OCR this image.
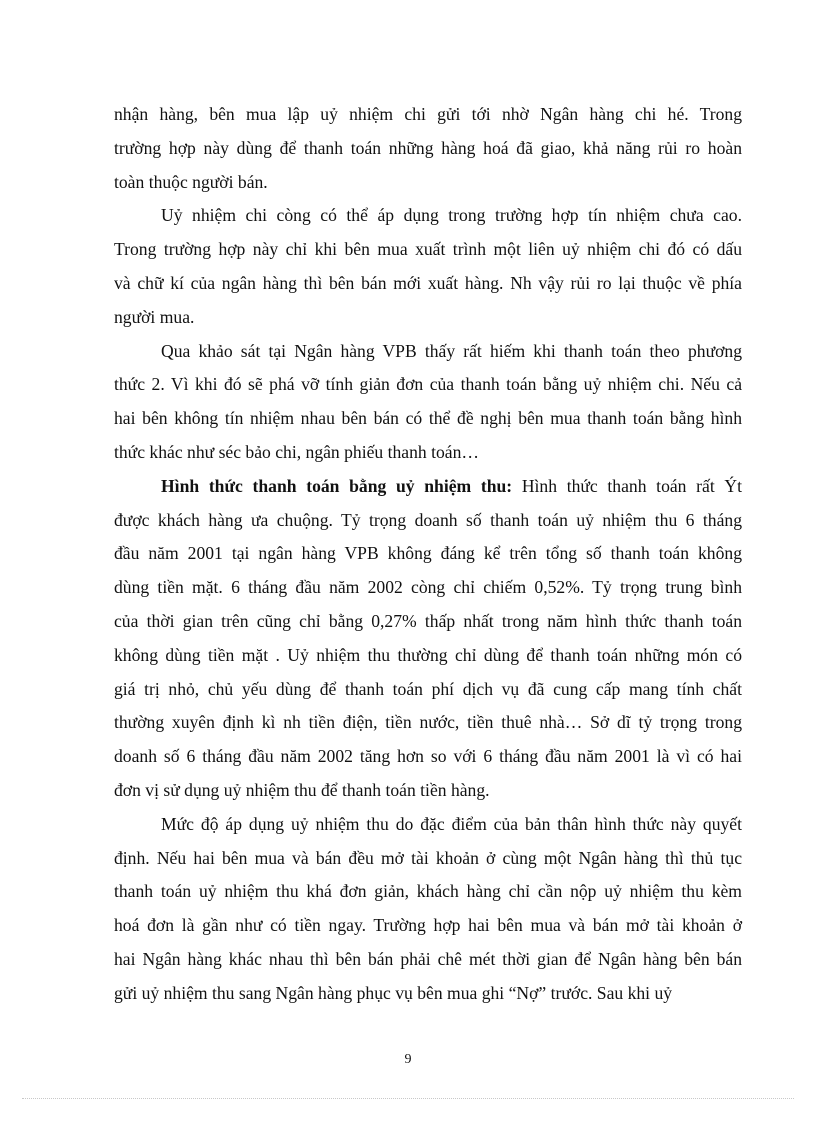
nhận hàng, bên mua lập uỷ nhiệm chi gửi tới nhờ Ngân hàng chi hé. Trong
trường hợp này dùng để thanh toán những hàng hoá đã giao, khả năng rủi ro hoàn
toàn thuộc người bán.
Uỷ nhiệm chi còng có thể áp dụng trong trường hợp tín nhiệm chưa cao.
Trong trường hợp này chỉ khi bên mua xuất trình một liên uỷ nhiệm chi đó có dấu
và chữ kí của ngân hàng thì bên bán mới xuất hàng. Nh vậy rủi ro lại thuộc về phía
người mua.
Qua khảo sát tại Ngân hàng VPB thấy rất hiếm khi thanh toán theo phương
thức 2. Vì khi đó sẽ phá vỡ tính giản đơn của thanh toán bằng uỷ nhiệm chi. Nếu cả
hai bên không tín nhiệm nhau bên bán có thể đề nghị bên mua thanh toán bằng hình
thức khác như séc bảo chi, ngân phiếu thanh toán…
Hình thức thanh toán bằng uỷ nhiệm thu: Hình thức thanh toán rất Ýt
được khách hàng ưa chuộng. Tỷ trọng doanh số thanh toán uỷ nhiệm thu 6 tháng
đầu năm 2001 tại ngân hàng VPB không đáng kể trên tổng số thanh toán không
dùng tiền mặt. 6 tháng đầu năm 2002 còng chỉ chiếm 0,52%. Tỷ trọng trung bình
của thời gian trên cũng chỉ bằng 0,27% thấp nhất trong năm hình thức thanh toán
không dùng tiền mặt . Uỷ nhiệm thu thường chỉ dùng để thanh toán những món có
giá trị nhỏ, chủ yếu dùng để thanh toán phí dịch vụ đã cung cấp mang tính chất
thường xuyên định kì nh tiền điện, tiền nước, tiền thuê nhà… Sở dĩ tỷ trọng trong
doanh số 6 tháng đầu năm 2002 tăng hơn so với 6 tháng đầu năm 2001 là vì có hai
đơn vị sử dụng uỷ nhiệm thu để thanh toán tiền hàng.
Mức độ áp dụng uỷ nhiệm thu do đặc điểm của bản thân hình thức này quyết
định. Nếu hai bên mua và bán đều mở tài khoản ở cùng một Ngân hàng thì thủ tục
thanh toán uỷ nhiệm thu khá đơn giản, khách hàng chỉ cần nộp uỷ nhiệm thu kèm
hoá đơn là gần như có tiền ngay. Trường hợp hai bên mua và bán mở tài khoản ở
hai Ngân hàng khác nhau thì bên bán phải chê mét thời gian để Ngân hàng bên bán
gửi uỷ nhiệm thu sang Ngân hàng phục vụ bên mua ghi “Nợ” trước. Sau khi uỷ
9
